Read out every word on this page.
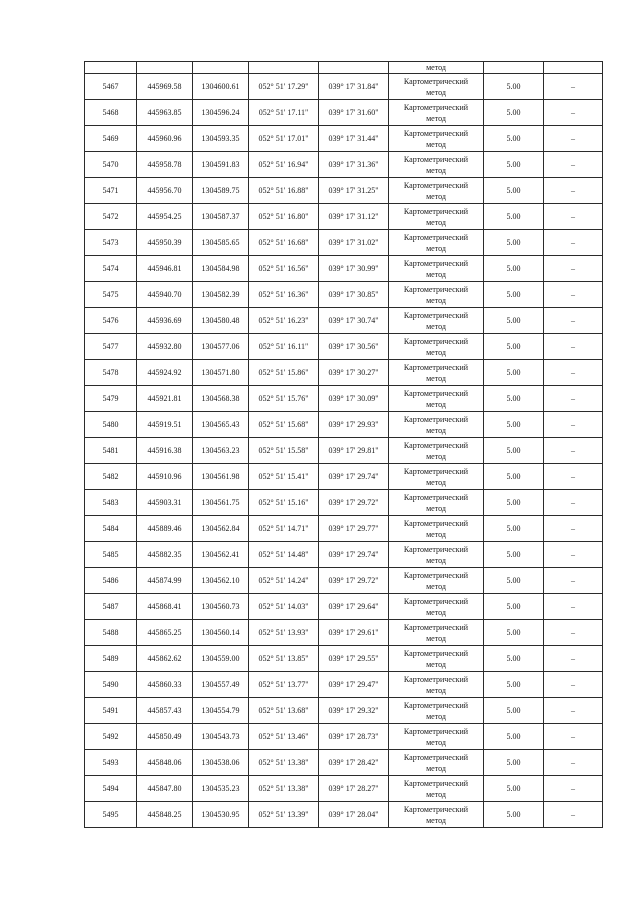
					метод		
5467	445969.58	1304600.61	052° 51' 17.29"	039° 17' 31.84"	Картометрический
метод	5.00	–
5468	445963.85	1304596.24	052° 51' 17.11"	039° 17' 31.60"	Картометрический
метод	5.00	–
5469	445960.96	1304593.35	052° 51' 17.01"	039° 17' 31.44"	Картометрический
метод	5.00	–
5470	445958.78	1304591.83	052° 51' 16.94"	039° 17' 31.36"	Картометрический
метод	5.00	–
5471	445956.70	1304589.75	052° 51' 16.88"	039° 17' 31.25"	Картометрический
метод	5.00	–
5472	445954.25	1304587.37	052° 51' 16.80"	039° 17' 31.12"	Картометрический
метод	5.00	–
5473	445950.39	1304585.65	052° 51' 16.68"	039° 17' 31.02"	Картометрический
метод	5.00	–
5474	445946.81	1304584.98	052° 51' 16.56"	039° 17' 30.99"	Картометрический
метод	5.00	–
5475	445940.70	1304582.39	052° 51' 16.36"	039° 17' 30.85"	Картометрический
метод	5.00	–
5476	445936.69	1304580.48	052° 51' 16.23"	039° 17' 30.74"	Картометрический
метод	5.00	–
5477	445932.80	1304577.06	052° 51' 16.11"	039° 17' 30.56"	Картометрический
метод	5.00	–
5478	445924.92	1304571.80	052° 51' 15.86"	039° 17' 30.27"	Картометрический
метод	5.00	–
5479	445921.81	1304568.38	052° 51' 15.76"	039° 17' 30.09"	Картометрический
метод	5.00	–
5480	445919.51	1304565.43	052° 51' 15.68"	039° 17' 29.93"	Картометрический
метод	5.00	–
5481	445916.38	1304563.23	052° 51' 15.58"	039° 17' 29.81"	Картометрический
метод	5.00	–
5482	445910.96	1304561.98	052° 51' 15.41"	039° 17' 29.74"	Картометрический
метод	5.00	–
5483	445903.31	1304561.75	052° 51' 15.16"	039° 17' 29.72"	Картометрический
метод	5.00	–
5484	445889.46	1304562.84	052° 51' 14.71"	039° 17' 29.77"	Картометрический
метод	5.00	–
5485	445882.35	1304562.41	052° 51' 14.48"	039° 17' 29.74"	Картометрический
метод	5.00	–
5486	445874.99	1304562.10	052° 51' 14.24"	039° 17' 29.72"	Картометрический
метод	5.00	–
5487	445868.41	1304560.73	052° 51' 14.03"	039° 17' 29.64"	Картометрический
метод	5.00	–
5488	445865.25	1304560.14	052° 51' 13.93"	039° 17' 29.61"	Картометрический
метод	5.00	–
5489	445862.62	1304559.00	052° 51' 13.85"	039° 17' 29.55"	Картометрический
метод	5.00	–
5490	445860.33	1304557.49	052° 51' 13.77"	039° 17' 29.47"	Картометрический
метод	5.00	–
5491	445857.43	1304554.79	052° 51' 13.68"	039° 17' 29.32"	Картометрический
метод	5.00	–
5492	445850.49	1304543.73	052° 51' 13.46"	039° 17' 28.73"	Картометрический
метод	5.00	–
5493	445848.06	1304538.06	052° 51' 13.38"	039° 17' 28.42"	Картометрический
метод	5.00	–
5494	445847.80	1304535.23	052° 51' 13.38"	039° 17' 28.27"	Картометрический
метод	5.00	–
5495	445848.25	1304530.95	052° 51' 13.39"	039° 17' 28.04"	Картометрический
метод	5.00	–
